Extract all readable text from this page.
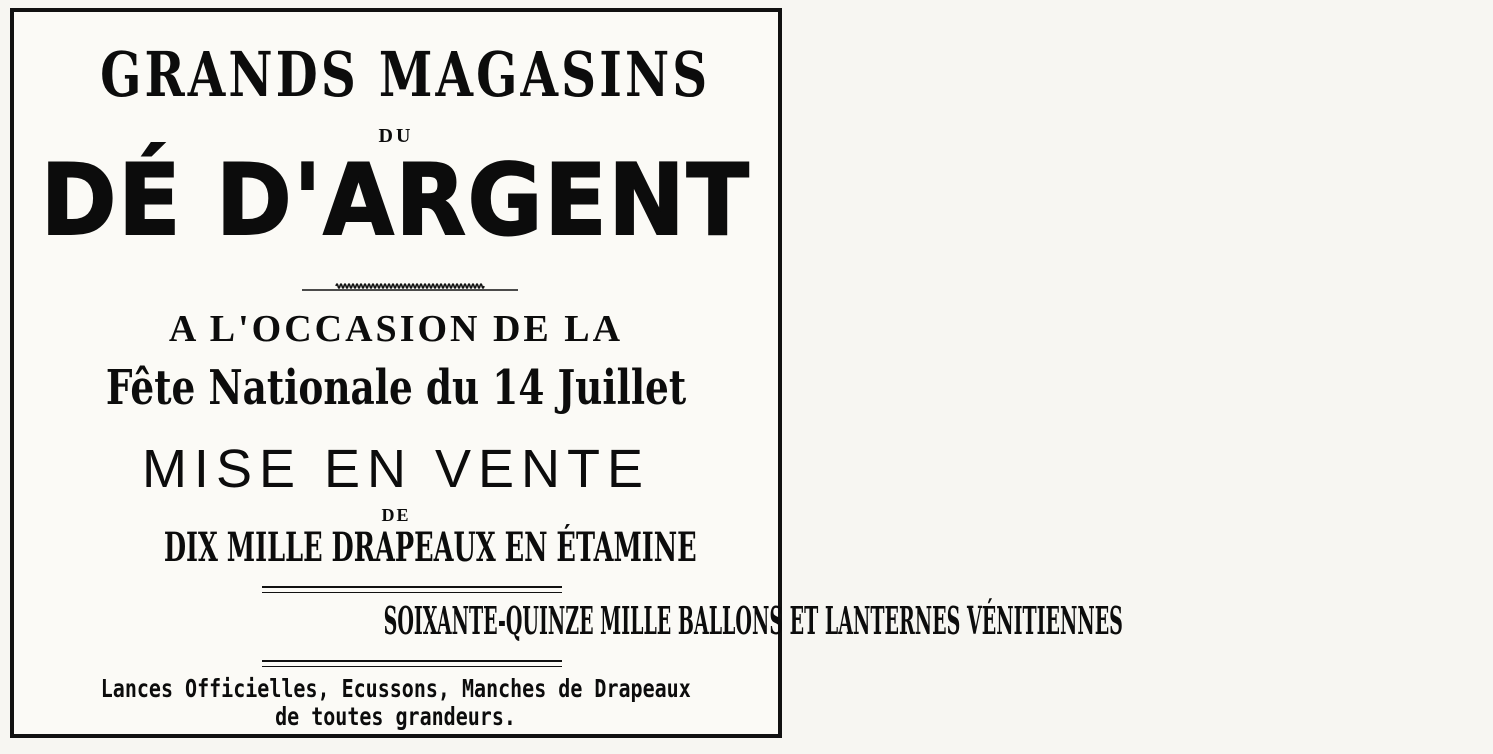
GRANDS MAGASINS
DU
DÉ D'ARGENT
A L'OCCASION DE LA
Fête Nationale du 14 Juillet
MISE EN VENTE
DE
DIX MILLE DRAPEAUX EN ÉTAMINE
SOIXANTE-QUINZE MILLE BALLONS ET LANTERNES VÉNITIENNES
Lances Officielles, Ecussons, Manches de Drapeaux
de toutes grandeurs.
